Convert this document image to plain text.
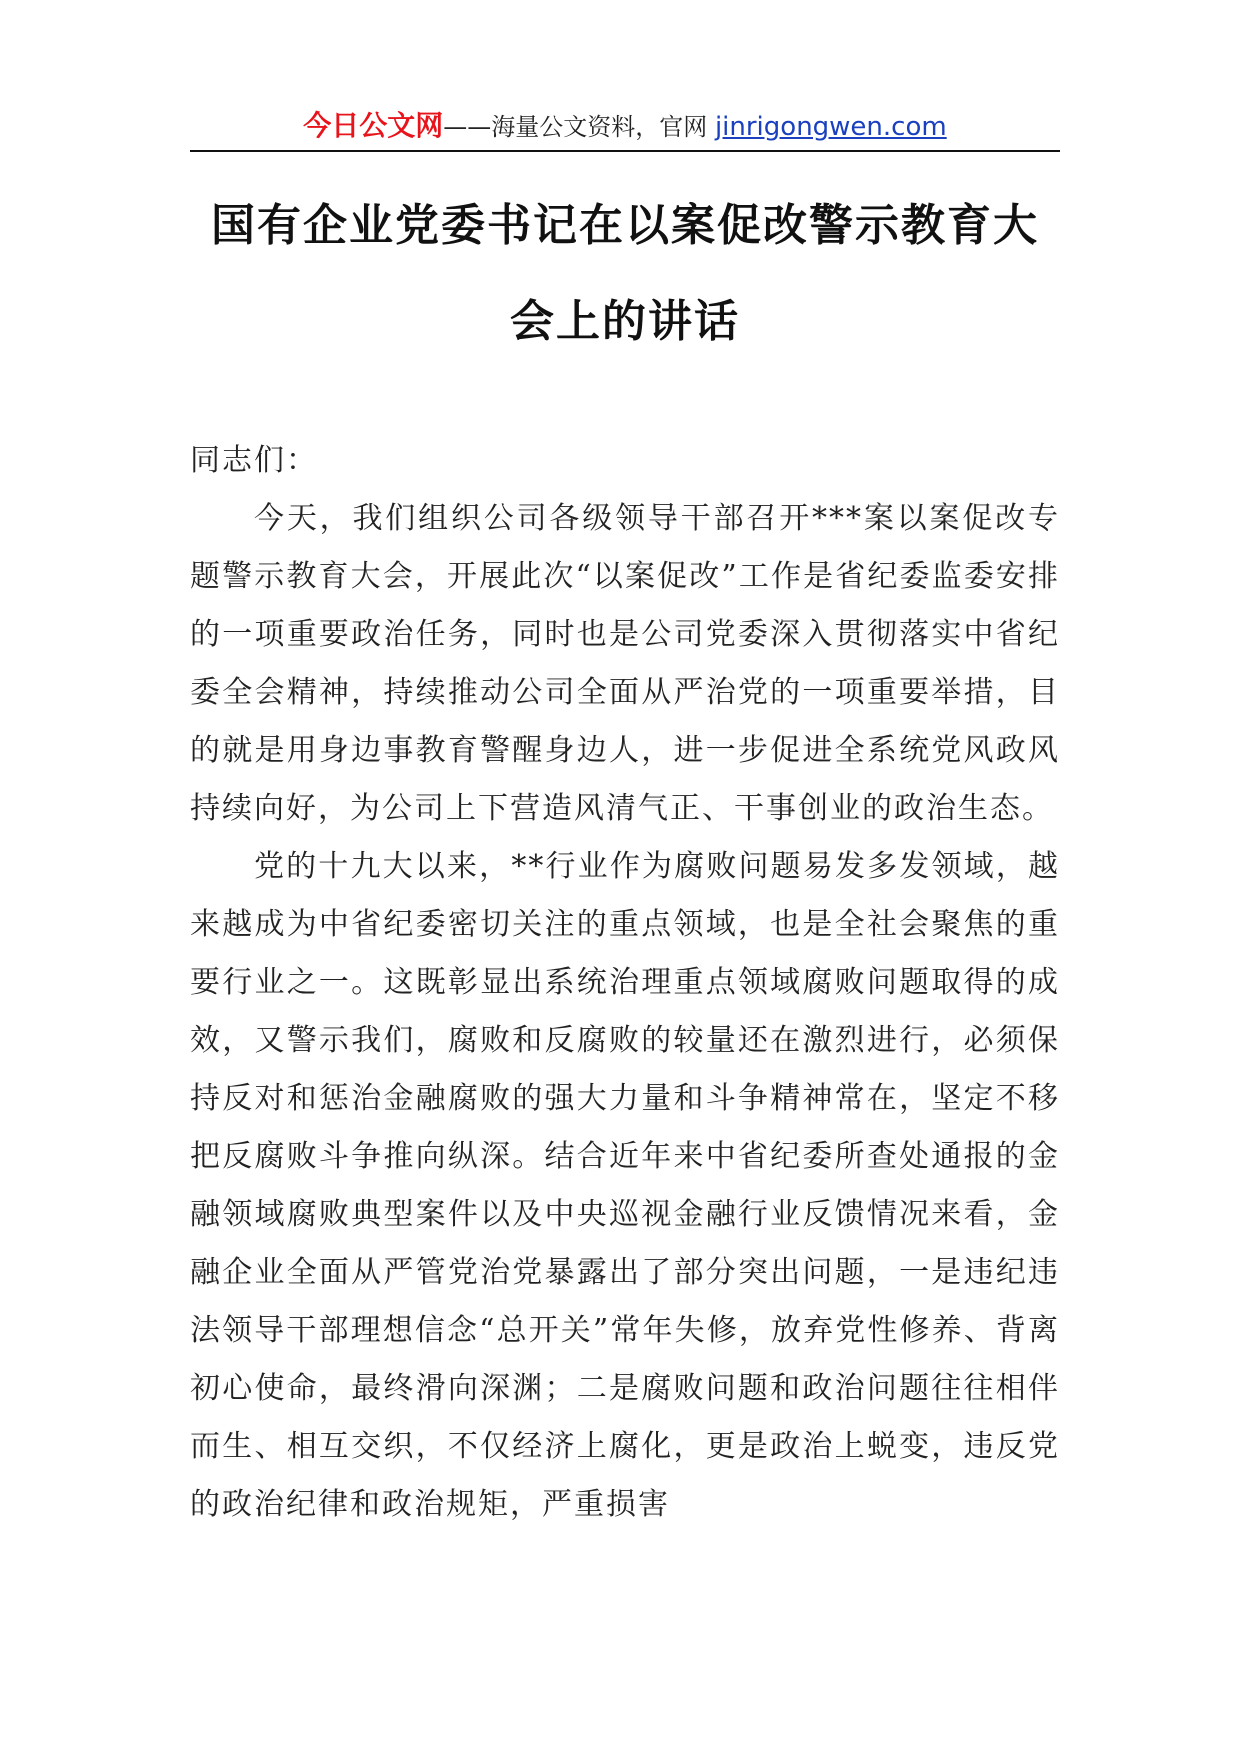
今日公文网——海量公文资料，官网 jinrigongwen.com
国有企业党委书记在以案促改警示教育大会上的讲话

同志们：

今天，我们组织公司各级领导干部召开***案以案促改专题警示教育大会，开展此次“以案促改”工作是省纪委监委安排的一项重要政治任务，同时也是公司党委深入贯彻落实中省纪委全会精神，持续推动公司全面从严治党的一项重要举措，目的就是用身边事教育警醒身边人，进一步促进全系统党风政风持续向好，为公司上下营造风清气正、干事创业的政治生态。

党的十九大以来，**行业作为腐败问题易发多发领域，越来越成为中省纪委密切关注的重点领域，也是全社会聚焦的重要行业之一。这既彰显出系统治理重点领域腐败问题取得的成效，又警示我们，腐败和反腐败的较量还在激烈进行，必须保持反对和惩治金融腐败的强大力量和斗争精神常在，坚定不移把反腐败斗争推向纵深。结合近年来中省纪委所查处通报的金融领域腐败典型案件以及中央巡视金融行业反馈情况来看，金融企业全面从严管党治党暴露出了部分突出问题，一是违纪违法领导干部理想信念“总开关”常年失修，放弃党性修养、背离初心使命，最终滑向深渊；二是腐败问题和政治问题往往相伴而生、相互交织，不仅经济上腐化，更是政治上蜕变，违反党的政治纪律和政治规矩，严重损害
